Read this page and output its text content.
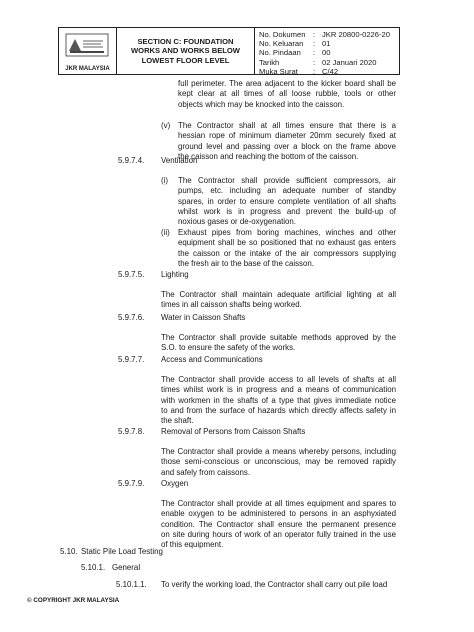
JKR MALAYSIA
SECTION C: FOUNDATION
WORKS AND WORKS BELOW
LOWEST FLOOR LEVEL
No. Dokumen : JKR 20800-0226-20
No. Keluaran	: 01
No. Pindaan	: 00
Tarikh	: 02 Januari 2020
Muka Surat	: C/42
full perimeter. The area adjacent to the kicker board shall be
kept clear at all times of all loose rubble, tools or other
objects which may be knocked into the caisson.
(v) The Contractor shall at all times ensure that there is a
hessian rope of minimum diameter 20mm securely fixed at
ground level and passing over a block on the frame above
the caisson and reaching the bottom of the caisson.
5.9.7.4. Ventilation
(i) The Contractor shall provide sufficient compressors, air
pumps, etc. including an adequate number of standby
spares, in order to ensure complete ventilation of all shafts
whilst work is in progress and prevent the build-up of
noxious gases or de-oxygenation.
(ii) Exhaust pipes from boring machines, winches and other
equipment shall be so positioned that no exhaust gas enters
the caisson or the intake of the air compressors supplying
the fresh air to the base of the caisson.
5.9.7.5. Lighting
The Contractor shall maintain adequate artificial lighting at all
times in all caisson shafts being worked.
5.9.7.6. Water in Caisson Shafts
The Contractor shall provide suitable methods approved by the
S.O. to ensure the safety of the works.
5.9.7.7. Access and Communications
The Contractor shall provide access to all levels of shafts at all
times whilst work is in progress and a means of communication
with workmen in the shafts of a type that gives immediate notice
to and from the surface of hazards which directly affects safety in
the shaft.
5.9.7.8. Removal of Persons from Caisson Shafts
The Contractor shall provide a means whereby persons, including
those semi-conscious or unconscious, may be removed rapidly
and safely from caissons.
5.9.7.9. Oxygen
The Contractor shall provide at all times equipment and spares to
enable oxygen to be administered to persons in an asphyxiated
condition. The Contractor shall ensure the permanent presence
on site during hours of work of an operator fully trained in the use
of this equipment.
5.10. Static Pile Load Testing
5.10.1. General
5.10.1.1. To verify the working load, the Contractor shall carry out pile load
© COPYRIGHT JKR MALAYSIA
